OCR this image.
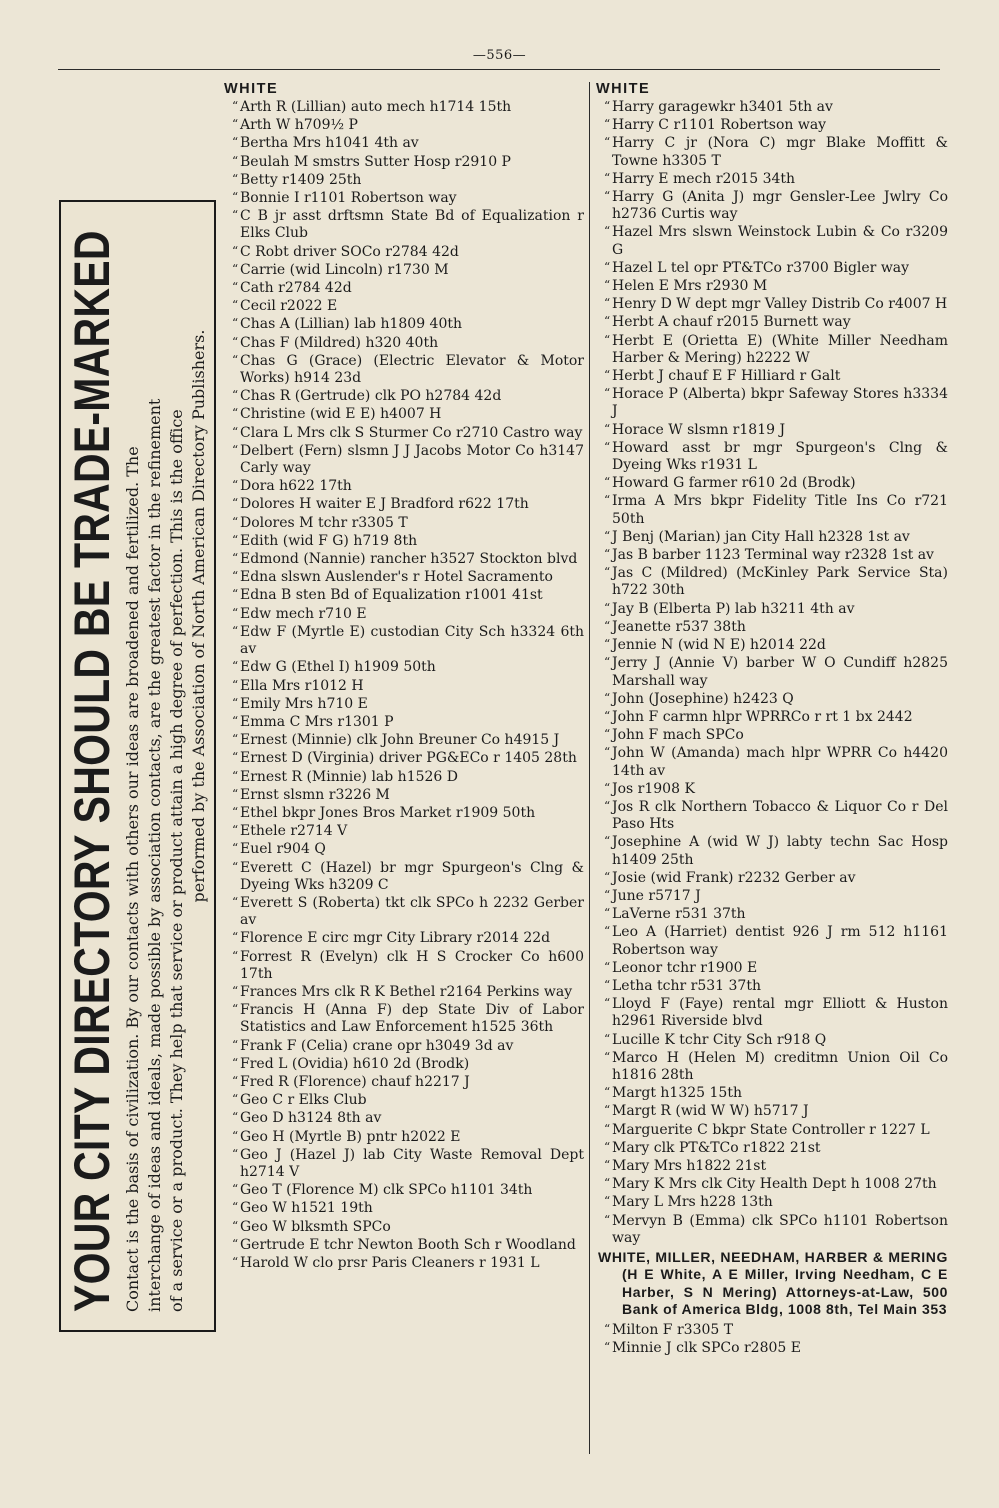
—556—
YOUR CITY DIRECTORY SHOULD BE TRADE-MARKED Contact is the basis of civilization. By our contacts with others our ideas are broadened and fertilized. The interchange of ideas and ideals, made possible by association contacts, are the greatest factor in the refinement of a service or a product. They help that service or product attain a high degree of perfection. This is the office performed by the Association of North American Directory Publishers.
WHITE
“ Arth R (Lillian) auto mech h1714 15th
“ Arth W h709½ P
“ Bertha Mrs h1041 4th av
“ Beulah M smstrs Sutter Hosp r2910 P
“ Betty r1409 25th
“ Bonnie I r1101 Robertson way
“ C B jr asst drftsmn State Bd of Equalization r Elks Club
“ C Robt driver SOCo r2784 42d
“ Carrie (wid Lincoln) r1730 M
“ Cath r2784 42d
“ Cecil r2022 E
“ Chas A (Lillian) lab h1809 40th
“ Chas F (Mildred) h320 40th
“ Chas G (Grace) (Electric Elevator & Motor Works) h914 23d
“ Chas R (Gertrude) clk PO h2784 42d
“ Christine (wid E E) h4007 H
“ Clara L Mrs clk S Sturmer Co r2710 Castro way
“ Delbert (Fern) slsmn J J Jacobs Motor Co h3147 Carly way
“ Dora h622 17th
“ Dolores H waiter E J Bradford r622 17th
“ Dolores M tchr r3305 T
“ Edith (wid F G) h719 8th
“ Edmond (Nannie) rancher h3527 Stockton blvd
“ Edna slswn Auslender's r Hotel Sacramento
“ Edna B sten Bd of Equalization r1001 41st
“ Edw mech r710 E
“ Edw F (Myrtle E) custodian City Sch h3324 6th av
“ Edw G (Ethel I) h1909 50th
“ Ella Mrs r1012 H
“ Emily Mrs h710 E
“ Emma C Mrs r1301 P
“ Ernest (Minnie) clk John Breuner Co h4915 J
“ Ernest D (Virginia) driver PG&ECo r 1405 28th
“ Ernest R (Minnie) lab h1526 D
“ Ernst slsmn r3226 M
“ Ethel bkpr Jones Bros Market r1909 50th
“ Ethele r2714 V
“ Euel r904 Q
“ Everett C (Hazel) br mgr Spurgeon's Clng & Dyeing Wks h3209 C
“ Everett S (Roberta) tkt clk SPCo h 2232 Gerber av
“ Florence E circ mgr City Library r2014 22d
“ Forrest R (Evelyn) clk H S Crocker Co h600 17th
“ Frances Mrs clk R K Bethel r2164 Perkins way
“ Francis H (Anna F) dep State Div of Labor Statistics and Law Enforcement h1525 36th
“ Frank F (Celia) crane opr h3049 3d av
“ Fred L (Ovidia) h610 2d (Brodk)
“ Fred R (Florence) chauf h2217 J
“ Geo C r Elks Club
“ Geo D h3124 8th av
“ Geo H (Myrtle B) pntr h2022 E
“ Geo J (Hazel J) lab City Waste Removal Dept h2714 V
“ Geo T (Florence M) clk SPCo h1101 34th
“ Geo W h1521 19th
“ Geo W blksmth SPCo
“ Gertrude E tchr Newton Booth Sch r Woodland
“ Harold W clo prsr Paris Cleaners r 1931 L
WHITE
“ Harry garagewkr h3401 5th av
“ Harry C r1101 Robertson way
“ Harry C jr (Nora C) mgr Blake Moffitt & Towne h3305 T
“ Harry E mech r2015 34th
“ Harry G (Anita J) mgr Gensler-Lee Jwlry Co h2736 Curtis way
“ Hazel Mrs slswn Weinstock Lubin & Co r3209 G
“ Hazel L tel opr PT&TCo r3700 Bigler way
“ Helen E Mrs r2930 M
“ Henry D W dept mgr Valley Distrib Co r4007 H
“ Herbt A chauf r2015 Burnett way
“ Herbt E (Orietta E) (White Miller Needham Harber & Mering) h2222 W
“ Herbt J chauf E F Hilliard r Galt
“ Horace P (Alberta) bkpr Safeway Stores h3334 J
“ Horace W slsmn r1819 J
“ Howard asst br mgr Spurgeon's Clng & Dyeing Wks r1931 L
“ Howard G farmer r610 2d (Brodk)
“ Irma A Mrs bkpr Fidelity Title Ins Co r721 50th
“ J Benj (Marian) jan City Hall h2328 1st av
“ Jas B barber 1123 Terminal way r2328 1st av
“ Jas C (Mildred) (McKinley Park Service Sta) h722 30th
“ Jay B (Elberta P) lab h3211 4th av
“ Jeanette r537 38th
“ Jennie N (wid N E) h2014 22d
“ Jerry J (Annie V) barber W O Cundiff h2825 Marshall way
“ John (Josephine) h2423 Q
“ John F carmn hlpr WPRRCo r rt 1 bx 2442
“ John F mach SPCo
“ John W (Amanda) mach hlpr WPRR Co h4420 14th av
“ Jos r1908 K
“ Jos R clk Northern Tobacco & Liquor Co r Del Paso Hts
“ Josephine A (wid W J) labty techn Sac Hosp h1409 25th
“ Josie (wid Frank) r2232 Gerber av
“ June r5717 J
“ LaVerne r531 37th
“ Leo A (Harriet) dentist 926 J rm 512 h1161 Robertson way
“ Leonor tchr r1900 E
“ Letha tchr r531 37th
“ Lloyd F (Faye) rental mgr Elliott & Huston h2961 Riverside blvd
“ Lucille K tchr City Sch r918 Q
“ Marco H (Helen M) creditmn Union Oil Co h1816 28th
“ Margt h1325 15th
“ Margt R (wid W W) h5717 J
“ Marguerite C bkpr State Controller r 1227 L
“ Mary clk PT&TCo r1822 21st
“ Mary Mrs h1822 21st
“ Mary K Mrs clk City Health Dept h 1008 27th
“ Mary L Mrs h228 13th
“ Mervyn B (Emma) clk SPCo h1101 Robertson way
WHITE, MILLER, NEEDHAM, HARBER & MERING (H E White, A E Miller, Irving Needham, C E Harber, S N Mering) Attorneys-at-Law, 500 Bank of America Bldg, 1008 8th, Tel Main 353
“ Milton F r3305 T
“ Minnie J clk SPCo r2805 E
